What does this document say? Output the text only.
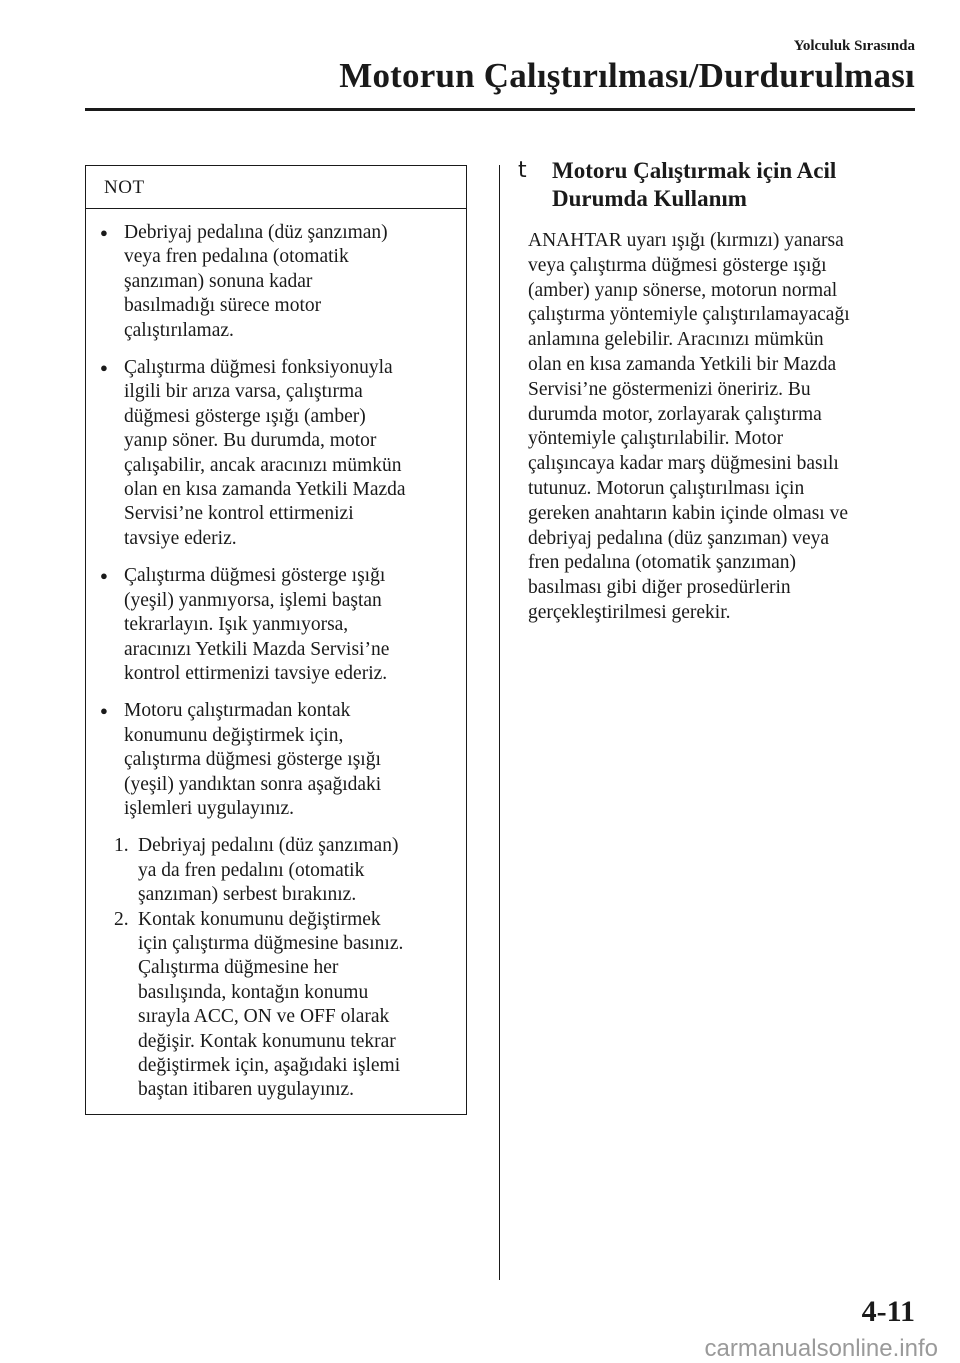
Yolculuk Sırasında
Motorun Çalıştırılması/Durdurulması
NOT
● Debriyaj pedalına (düz şanzıman)
veya fren pedalına (otomatik
şanzıman) sonuna kadar
basılmadığı sürece motor
çalıştırılamaz.
● Çalıştırma düğmesi fonksiyonuyla
ilgili bir arıza varsa, çalıştırma
düğmesi gösterge ışığı (amber)
yanıp söner. Bu durumda, motor
çalışabilir, ancak aracınızı mümkün
olan en kısa zamanda Yetkili Mazda
Servisi’ne kontrol ettirmenizi
tavsiye ederiz.
● Çalıştırma düğmesi gösterge ışığı
(yeşil) yanmıyorsa, işlemi baştan
tekrarlayın. Işık yanmıyorsa,
aracınızı Yetkili Mazda Servisi’ne
kontrol ettirmenizi tavsiye ederiz.
● Motoru çalıştırmadan kontak
konumunu değiştirmek için,
çalıştırma düğmesi gösterge ışığı
(yeşil) yandıktan sonra aşağıdaki
işlemleri uygulayınız.
1. Debriyaj pedalını (düz şanzıman)
ya da fren pedalını (otomatik
şanzıman) serbest bırakınız.
2. Kontak konumunu değiştirmek
için çalıştırma düğmesine basınız.
Çalıştırma düğmesine her
basılışında, kontağın konumu
sırayla ACC, ON ve OFF olarak
değişir. Kontak konumunu tekrar
değiştirmek için, aşağıdaki işlemi
baştan itibaren uygulayınız.
t	Motoru Çalıştırmak için Acil
Durumda Kullanım
ANAHTAR uyarı ışığı (kırmızı) yanarsa
veya çalıştırma düğmesi gösterge ışığı
(amber) yanıp sönerse, motorun normal
çalıştırma yöntemiyle çalıştırılamayacağı
anlamına gelebilir. Aracınızı mümkün
olan en kısa zamanda Yetkili bir Mazda
Servisi’ne göstermenizi öneririz. Bu
durumda motor, zorlayarak çalıştırma
yöntemiyle çalıştırılabilir. Motor
çalışıncaya kadar marş düğmesini basılı
tutunuz. Motorun çalıştırılması için
gereken anahtarın kabin içinde olması ve
debriyaj pedalına (düz şanzıman) veya
fren pedalına (otomatik şanzıman)
basılması gibi diğer prosedürlerin
gerçekleştirilmesi gerekir.
4-11
carmanualsonline.info
